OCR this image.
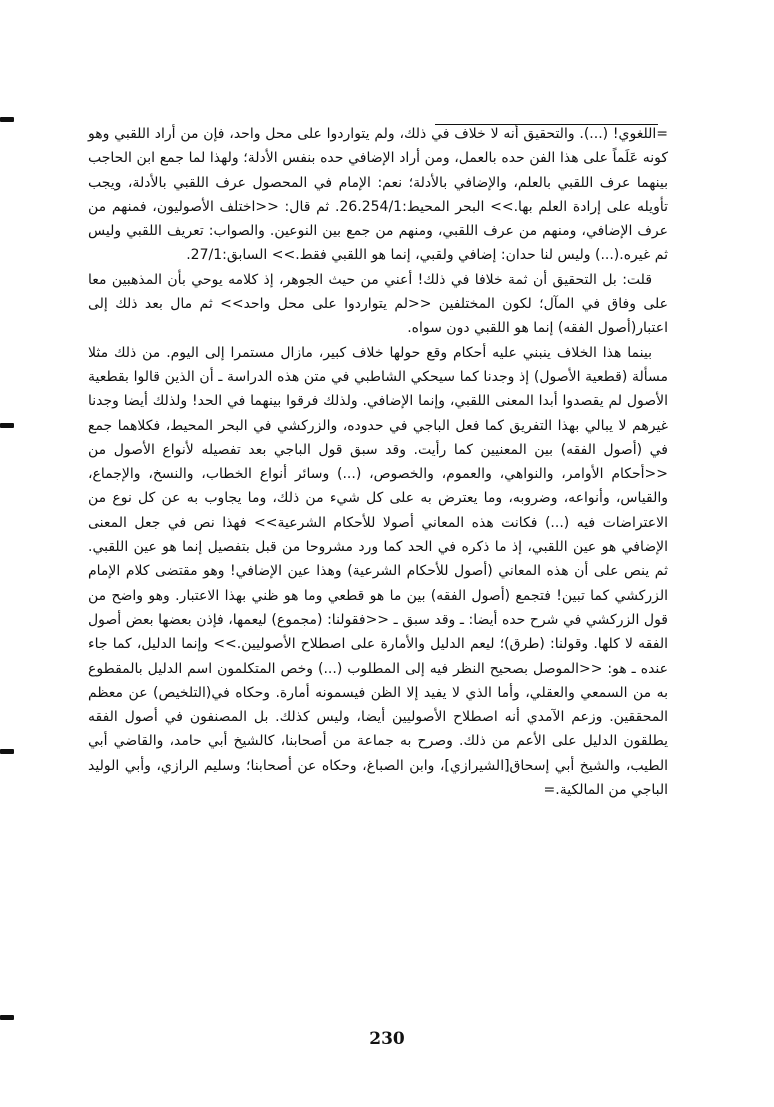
=اللغوي! (...). والتحقيق أنه لا خلاف في ذلك، ولم يتواردوا على محل واحد، فإن من أراد اللقبي وهو كونه عَلَماً على هذا الفن حده بالعمل، ومن أراد الإضافي حده بنفس الأدلة؛ ولهذا لما جمع ابن الحاجب بينهما عرف اللقبي بالعلم، والإضافي بالأدلة؛ نعم: الإمام في المحصول عرف اللقبي بالأدلة، ويجب تأويله على إرادة العلم بها.>> البحر المحيط:26.254/1. ثم قال: <<اختلف الأصوليون، فمنهم من عرف الإضافي، ومنهم من عرف اللقبي، ومنهم من جمع بين النوعين. والصواب: تعريف اللقبي وليس ثم غيره.(...) وليس لنا حدان: إضافي ولقبي، إنما هو اللقبي فقط.>> السابق:27/1.

قلت: بل التحقيق أن ثمة خلافا في ذلك! أعني من حيث الجوهر، إذ كلامه يوحي بأن المذهبين معا على وفاق في المآل؛ لكون المختلفين <<لم يتواردوا على محل واحد>> ثم مال بعد ذلك إلى اعتبار(أصول الفقه) إنما هو اللقبي دون سواه.

بينما هذا الخلاف ينبني عليه أحكام وقع حولها خلاف كبير، مازال مستمرا إلى اليوم. من ذلك مثلا مسألة (قطعية الأصول) إذ وجدنا كما سيحكي الشاطبي في متن هذه الدراسة ـ أن الذين قالوا بقطعية الأصول لم يقصدوا أبدا المعنى اللقبي، وإنما الإضافي. ولذلك فرقوا بينهما في الحد! ولذلك أيضا وجدنا غيرهم لا يبالي بهذا التفريق كما فعل الباجي في حدوده، والزركشي في البحر المحيط، فكلاهما جمع في (أصول الفقه) بين المعنيين كما رأيت. وقد سبق قول الباجي بعد تفصيله لأنواع الأصول من <<أحكام الأوامر، والنواهي، والعموم، والخصوص، (...) وسائر أنواع الخطاب، والنسخ، والإجماع، والقياس، وأنواعه، وضروبه، وما يعترض به على كل شيء من ذلك، وما يجاوب به عن كل نوع من الاعتراضات فيه (...) فكانت هذه المعاني أصولا للأحكام الشرعية>> فهذا نص في جعل المعنى الإضافي هو عين اللقبي، إذ ما ذكره في الحد كما ورد مشروحا من قبل بتفصيل إنما هو عين اللقبي. ثم ينص على أن هذه المعاني (أصول للأحكام الشرعية) وهذا عين الإضافي! وهو مقتضى كلام الإمام الزركشي كما تبين! فتجمع (أصول الفقه) بين ما هو قطعي وما هو ظني بهذا الاعتبار. وهو واضح من قول الزركشي في شرح حده أيضا: ـ وقد سبق ـ <<فقولنا: (مجموع) ليعمها، فإذن بعضها بعض أصول الفقه لا كلها. وقولنا: (طرق)؛ ليعم الدليل والأمارة على اصطلاح الأصوليين.>> وإنما الدليل، كما جاء عنده ـ هو: <<الموصل بصحيح النظر فيه إلى المطلوب (...) وخص المتكلمون اسم الدليل بالمقطوع به من السمعي والعقلي، وأما الذي لا يفيد إلا الظن فيسمونه أمارة. وحكاه في(التلخيص) عن معظم المحققين. وزعم الآمدي أنه اصطلاح الأصوليين أيضا، وليس كذلك. بل المصنفون في أصول الفقه يطلقون الدليل على الأعم من ذلك. وصرح به جماعة من أصحابنا، كالشيخ أبي حامد، والقاضي أبي الطيب، والشيخ أبي إسحاق[الشيرازي]، وابن الصباغ، وحكاه عن أصحابنا؛ وسليم الرازي، وأبي الوليد الباجي من المالكية.=

230
